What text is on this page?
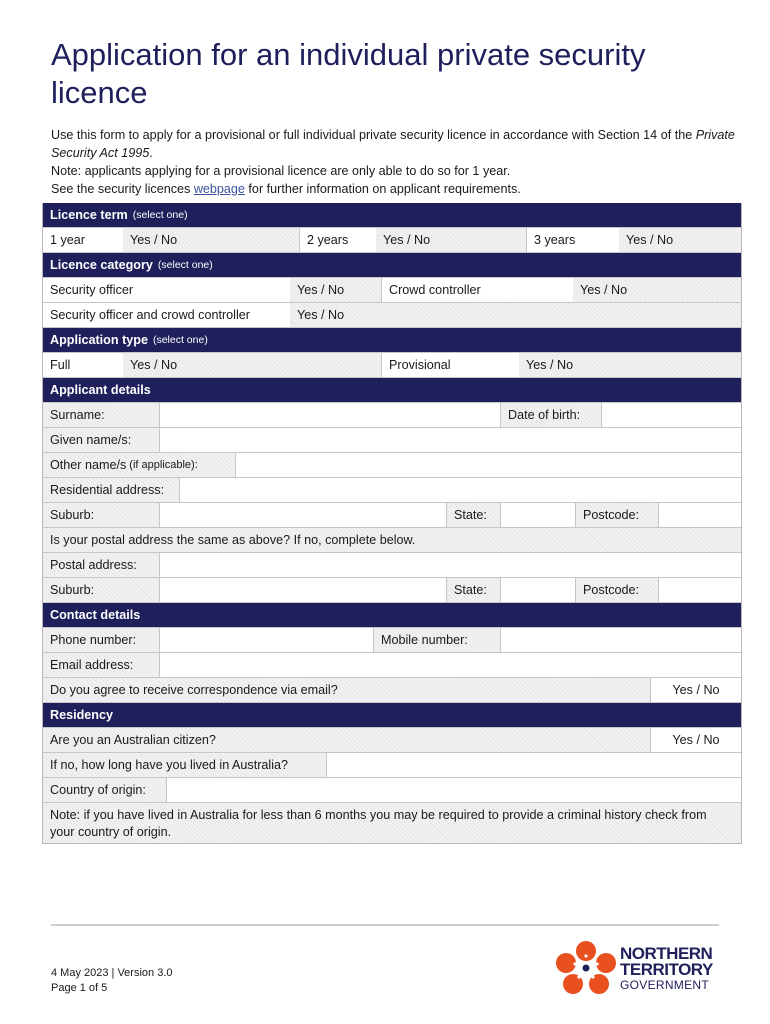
Application for an individual private security licence

Use this form to apply for a provisional or full individual private security licence in accordance with Section 14 of the Private Security Act 1995.

Note: applicants applying for a provisional licence are only able to do so for 1 year.

See the security licences webpage for further information on applicant requirements.

Licence term (select one)
1 year	Yes / No	2 years	Yes / No	3 years	Yes / No
Licence category (select one)
Security officer	Yes / No	Crowd controller	Yes / No
Security officer and crowd controller	Yes / No
Application type (select one)
Full	Yes / No	Provisional	Yes / No
Applicant details
Surname:	Date of birth:
Given name/s:
Other name/s (if applicable):
Residential address:
Suburb:	State:	Postcode:
Is your postal address the same as above? If no, complete below.
Postal address:
Suburb:	State:	Postcode:
Contact details
Phone number:	Mobile number:
Email address:
Do you agree to receive correspondence via email?	Yes / No
Residency
Are you an Australian citizen?	Yes / No
If no, how long have you lived in Australia?
Country of origin:
Note: if you have lived in Australia for less than 6 months you may be required to provide a criminal history check from your country of origin.
4 May 2023 | Version 3.0
Page 1 of 5
NORTHERN
TERRITORY
GOVERNMENT
